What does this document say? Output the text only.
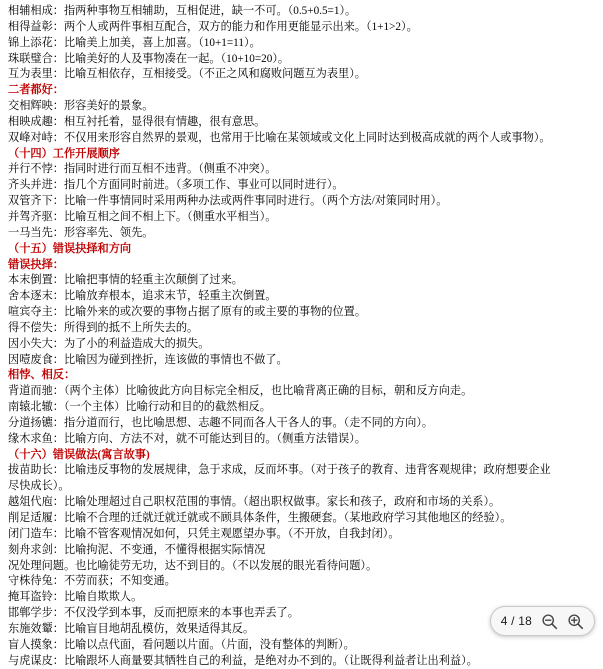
相辅相成：指两种事物互相辅助，互相促进，缺一不可。（0.5+0.5=1）。
相得益彰：两个人或两件事相互配合，双方的能力和作用更能显示出来。（1+1>2）。
锦上添花：比喻美上加美，喜上加喜。（10+1=11）。
珠联璧合：比喻美好的人及事物凑在一起。（10+10=20）。
互为表里：比喻互相依存，互相接受。（不正之风和腐败问题互为表里）。
二者都好：
交相辉映：形容美好的景象。
相映成趣：相互衬托着，显得很有情趣，很有意思。
双峰对峙：不仅用来形容自然界的景观，也常用于比喻在某领域或文化上同时达到极高成就的两个人或事物）。
（十四）工作开展顺序
并行不悖：指同时进行而互相不违背。（侧重不冲突）。
齐头并进：指几个方面同时前进。（多项工作、事业可以同时进行）。
双管齐下：比喻一件事情同时采用两种办法或两件事同时进行。（两个方法/对策同时用）。
并驾齐驱：比喻互相之间不相上下。（侧重水平相当）。
一马当先：形容率先、领先。
（十五）错误抉择和方向
错误抉择：
本末倒置：比喻把事情的轻重主次颠倒了过来。
舍本逐末：比喻放弃根本，追求末节，轻重主次倒置。
喧宾夺主：比喻外来的或次要的事物占据了原有的或主要的事物的位置。
得不偿失：所得到的抵不上所失去的。
因小失大：为了小的利益造成大的损失。
因噎废食：比喻因为碰到挫折，连该做的事情也不做了。
相悖、相反：
背道而驰：（两个主体）比喻彼此方向目标完全相反，也比喻背离正确的目标，朝和反方向走。
南辕北辙：（一个主体）比喻行动和目的的截然相反。
分道扬镳：指分道而行，也比喻思想、志趣不同而各人干各人的事。（走不同的方向）。
缘木求鱼：比喻方向、方法不对，就不可能达到目的。（侧重方法错误）。
（十六）错误做法(寓言故事)
拔苗助长：比喻违反事物的发展规律，急于求成，反而坏事。（对于孩子的教育、违背客观规律；政府想要企业
尽快成长）。
越俎代庖：比喻处理超过自己职权范围的事情。（超出职权做事。家长和孩子，政府和市场的关系）。
削足适履：比喻不合理的迁就迁就迁就或不顾具体条件，生搬硬套。（某地政府学习其他地区的经验）。
闭门造车：比喻不管客观情况如何，只凭主观愿望办事。（不开放，自我封闭）。
刻舟求剑：比喻拘泥、不变通，不懂得根据实际情况
况处理问题。也比喻徒劳无功，达不到目的。（不以发展的眼光看待问题）。
守株待兔：不劳而获；不知变通。
掩耳盗铃：比喻自欺欺人。
邯郸学步：不仅没学到本事，反而把原来的本事也弄丢了。
东施效颦：比喻盲目地胡乱模仿，效果适得其反。
盲人摸象：比喻以点代面，看问题以片面。（片面，没有整体的判断）。
与虎谋皮：比喻跟坏人商量要其牺牲自己的利益，是绝对办不到的。（让既得利益者让出利益）。
4 / 18
